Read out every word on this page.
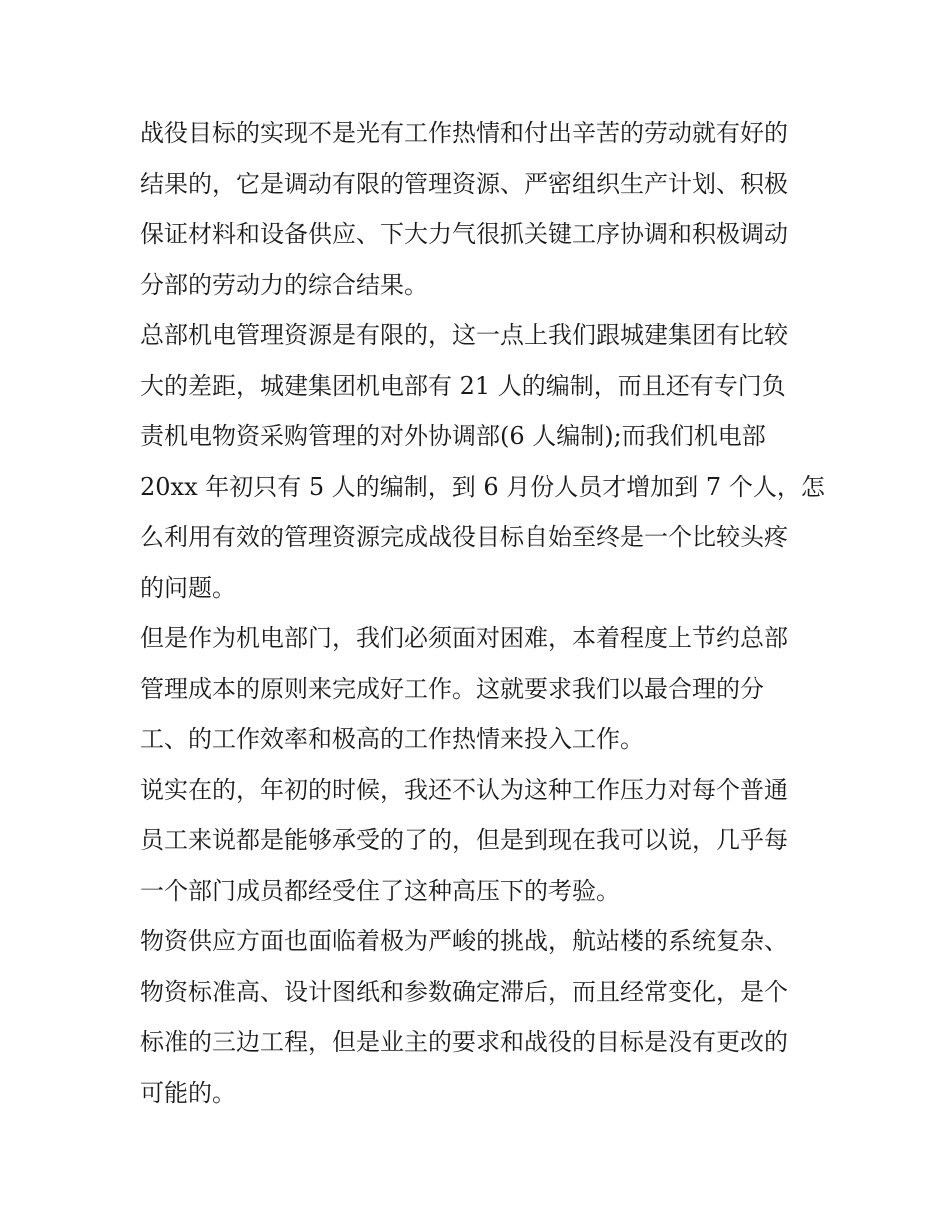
战役目标的实现不是光有工作热情和付出辛苦的劳动就有好的
结果的，它是调动有限的管理资源、严密组织生产计划、积极
保证材料和设备供应、下大力气很抓关键工序协调和积极调动
分部的劳动力的综合结果。
总部机电管理资源是有限的，这一点上我们跟城建集团有比较
大的差距，城建集团机电部有 21 人的编制，而且还有专门负
责机电物资采购管理的对外协调部(6 人编制);而我们机电部
20xx 年初只有 5 人的编制，到 6 月份人员才增加到 7 个人，怎
么利用有效的管理资源完成战役目标自始至终是一个比较头疼
的问题。
但是作为机电部门，我们必须面对困难，本着程度上节约总部
管理成本的原则来完成好工作。这就要求我们以最合理的分
工、的工作效率和极高的工作热情来投入工作。
说实在的，年初的时候，我还不认为这种工作压力对每个普通
员工来说都是能够承受的了的，但是到现在我可以说，几乎每
一个部门成员都经受住了这种高压下的考验。
物资供应方面也面临着极为严峻的挑战，航站楼的系统复杂、
物资标准高、设计图纸和参数确定滞后，而且经常变化，是个
标准的三边工程，但是业主的要求和战役的目标是没有更改的
可能的。
